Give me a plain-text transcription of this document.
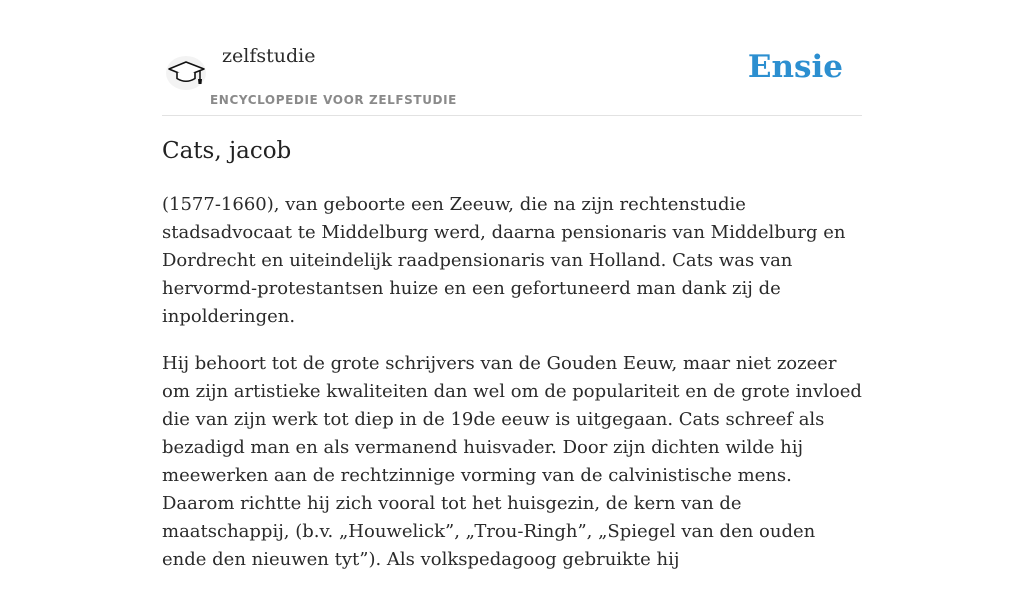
zelfstudie
ENCYCLOPEDIE VOOR ZELFSTUDIE
Ensie
Cats, jacob

(1577-1660), van geboorte een Zeeuw, die na zijn rechtenstudie stadsadvocaat te Middelburg werd, daarna pensionaris van Middelburg en Dordrecht en uiteindelijk raadpensionaris van Holland. Cats was van hervormd-protestantsen huize en een gefortuneerd man dank zij de inpolderingen.

Hij behoort tot de grote schrijvers van de Gouden Eeuw, maar niet zozeer om zijn artistieke kwaliteiten dan wel om de populariteit en de grote invloed die van zijn werk tot diep in de 19de eeuw is uitgegaan. Cats schreef als bezadigd man en als vermanend huisvader. Door zijn dichten wilde hij meewerken aan de rechtzinnige vorming van de calvinistische mens. Daarom richtte hij zich vooral tot het huisgezin, de kern van de maatschappij, (b.v. „Houwelick”, „Trou-Ringh”, „Spiegel van den ouden ende den nieuwen tyt”). Als volkspedagoog gebruikte hij
